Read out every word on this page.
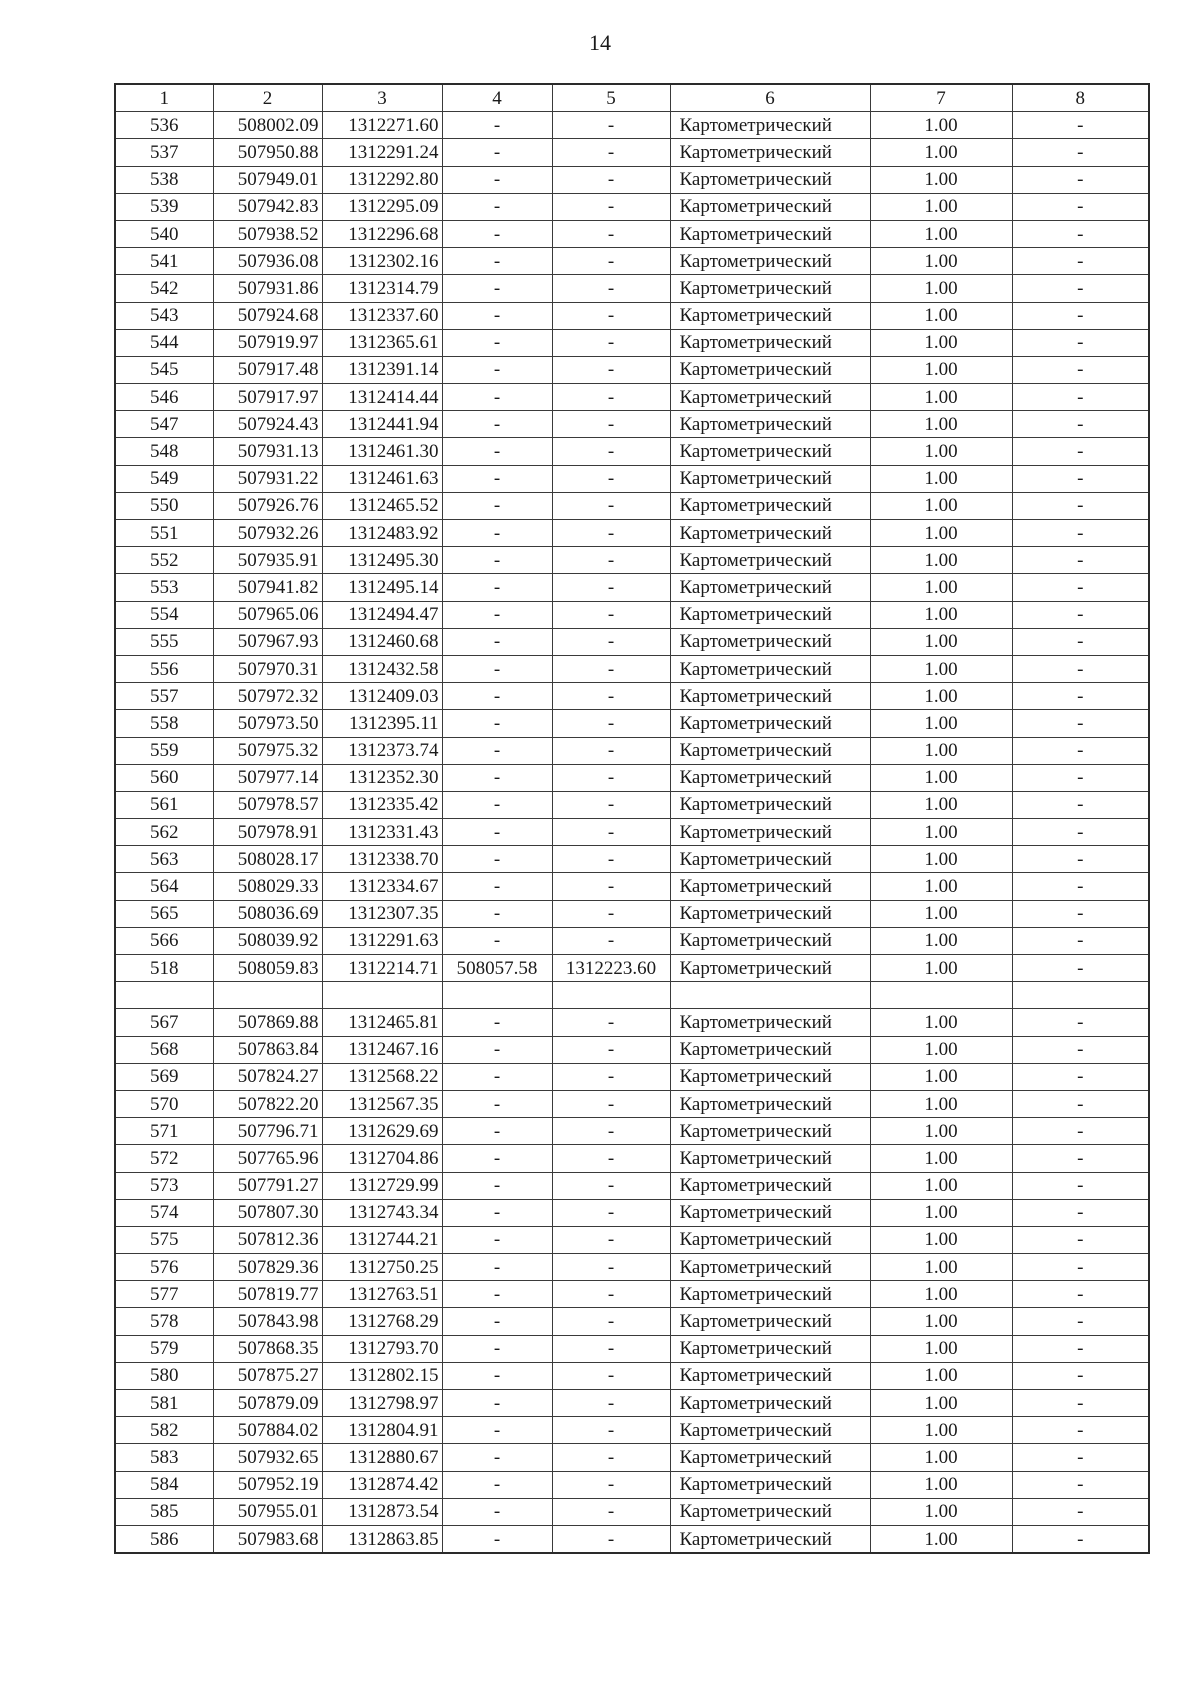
14
1	2	3	4	5	6	7	8
536	508002.09	1312271.60	-	-	Картометрический	1.00	-
537	507950.88	1312291.24	-	-	Картометрический	1.00	-
538	507949.01	1312292.80	-	-	Картометрический	1.00	-
539	507942.83	1312295.09	-	-	Картометрический	1.00	-
540	507938.52	1312296.68	-	-	Картометрический	1.00	-
541	507936.08	1312302.16	-	-	Картометрический	1.00	-
542	507931.86	1312314.79	-	-	Картометрический	1.00	-
543	507924.68	1312337.60	-	-	Картометрический	1.00	-
544	507919.97	1312365.61	-	-	Картометрический	1.00	-
545	507917.48	1312391.14	-	-	Картометрический	1.00	-
546	507917.97	1312414.44	-	-	Картометрический	1.00	-
547	507924.43	1312441.94	-	-	Картометрический	1.00	-
548	507931.13	1312461.30	-	-	Картометрический	1.00	-
549	507931.22	1312461.63	-	-	Картометрический	1.00	-
550	507926.76	1312465.52	-	-	Картометрический	1.00	-
551	507932.26	1312483.92	-	-	Картометрический	1.00	-
552	507935.91	1312495.30	-	-	Картометрический	1.00	-
553	507941.82	1312495.14	-	-	Картометрический	1.00	-
554	507965.06	1312494.47	-	-	Картометрический	1.00	-
555	507967.93	1312460.68	-	-	Картометрический	1.00	-
556	507970.31	1312432.58	-	-	Картометрический	1.00	-
557	507972.32	1312409.03	-	-	Картометрический	1.00	-
558	507973.50	1312395.11	-	-	Картометрический	1.00	-
559	507975.32	1312373.74	-	-	Картометрический	1.00	-
560	507977.14	1312352.30	-	-	Картометрический	1.00	-
561	507978.57	1312335.42	-	-	Картометрический	1.00	-
562	507978.91	1312331.43	-	-	Картометрический	1.00	-
563	508028.17	1312338.70	-	-	Картометрический	1.00	-
564	508029.33	1312334.67	-	-	Картометрический	1.00	-
565	508036.69	1312307.35	-	-	Картометрический	1.00	-
566	508039.92	1312291.63	-	-	Картометрический	1.00	-
518	508059.83	1312214.71	508057.58	1312223.60	Картометрический	1.00	-

567	507869.88	1312465.81	-	-	Картометрический	1.00	-
568	507863.84	1312467.16	-	-	Картометрический	1.00	-
569	507824.27	1312568.22	-	-	Картометрический	1.00	-
570	507822.20	1312567.35	-	-	Картометрический	1.00	-
571	507796.71	1312629.69	-	-	Картометрический	1.00	-
572	507765.96	1312704.86	-	-	Картометрический	1.00	-
573	507791.27	1312729.99	-	-	Картометрический	1.00	-
574	507807.30	1312743.34	-	-	Картометрический	1.00	-
575	507812.36	1312744.21	-	-	Картометрический	1.00	-
576	507829.36	1312750.25	-	-	Картометрический	1.00	-
577	507819.77	1312763.51	-	-	Картометрический	1.00	-
578	507843.98	1312768.29	-	-	Картометрический	1.00	-
579	507868.35	1312793.70	-	-	Картометрический	1.00	-
580	507875.27	1312802.15	-	-	Картометрический	1.00	-
581	507879.09	1312798.97	-	-	Картометрический	1.00	-
582	507884.02	1312804.91	-	-	Картометрический	1.00	-
583	507932.65	1312880.67	-	-	Картометрический	1.00	-
584	507952.19	1312874.42	-	-	Картометрический	1.00	-
585	507955.01	1312873.54	-	-	Картометрический	1.00	-
586	507983.68	1312863.85	-	-	Картометрический	1.00	-
